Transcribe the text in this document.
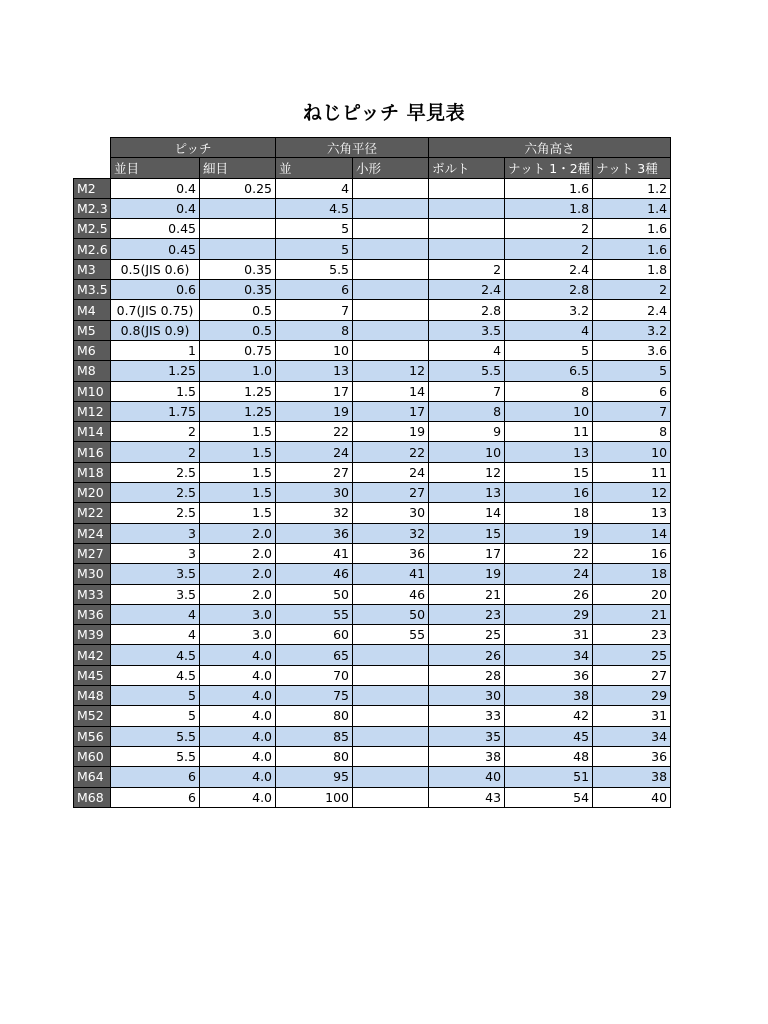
ねじピッチ 早見表
	ピッチ		六角平径		六角高さ		
	並目	細目	並	小形	ボルト	ナット 1・2種	ナット 3種
M2	0.4	0.25	4			1.6	1.2
M2.3	0.4		4.5			1.8	1.4
M2.5	0.45		5			2	1.6
M2.6	0.45		5			2	1.6
M3	0.5(JIS 0.6)	0.35	5.5		2	2.4	1.8
M3.5	0.6	0.35	6		2.4	2.8	2
M4	0.7(JIS 0.75)	0.5	7		2.8	3.2	2.4
M5	0.8(JIS 0.9)	0.5	8		3.5	4	3.2
M6	1	0.75	10		4	5	3.6
M8	1.25	1.0	13	12	5.5	6.5	5
M10	1.5	1.25	17	14	7	8	6
M12	1.75	1.25	19	17	8	10	7
M14	2	1.5	22	19	9	11	8
M16	2	1.5	24	22	10	13	10
M18	2.5	1.5	27	24	12	15	11
M20	2.5	1.5	30	27	13	16	12
M22	2.5	1.5	32	30	14	18	13
M24	3	2.0	36	32	15	19	14
M27	3	2.0	41	36	17	22	16
M30	3.5	2.0	46	41	19	24	18
M33	3.5	2.0	50	46	21	26	20
M36	4	3.0	55	50	23	29	21
M39	4	3.0	60	55	25	31	23
M42	4.5	4.0	65		26	34	25
M45	4.5	4.0	70		28	36	27
M48	5	4.0	75		30	38	29
M52	5	4.0	80		33	42	31
M56	5.5	4.0	85		35	45	34
M60	5.5	4.0	80		38	48	36
M64	6	4.0	95		40	51	38
M68	6	4.0	100		43	54	40
